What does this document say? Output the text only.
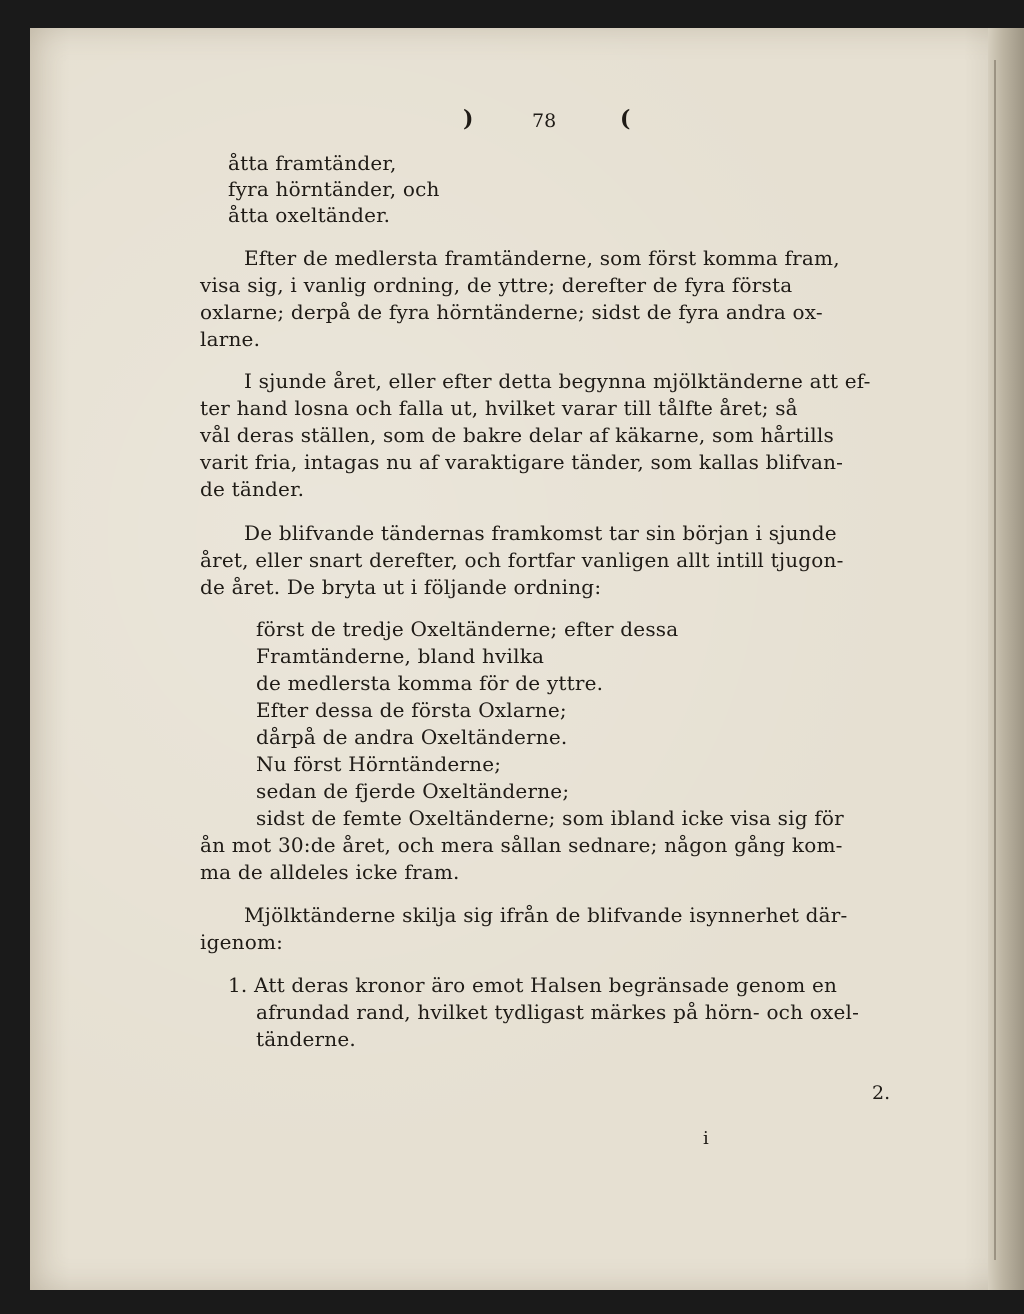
)	78	(
åtta framtänder,
fyra hörntänder, och
åtta oxeltänder.
Efter de medlersta framtänderne, som först komma fram,
visa sig, i vanlig ordning, de yttre; derefter de fyra första
oxlarne; derpå de fyra hörntänderne; sidst de fyra andra ox-
larne.
I sjunde året, eller efter detta begynna mjölktänderne att ef-
ter hand losna och falla ut, hvilket varar till tålfte året; så
vål deras ställen, som de bakre delar af käkarne, som hårtills
varit fria, intagas nu af varaktigare tänder, som kallas blifvan-
de tänder.
De blifvande tändernas framkomst tar sin början i sjunde
året, eller snart derefter, och fortfar vanligen allt intill tjugon-
de året. De bryta ut i följande ordning:
först de tredje Oxeltänderne; efter dessa
Framtänderne, bland hvilka
de medlersta komma för de yttre.
Efter dessa de första Oxlarne;
dårpå de andra Oxeltänderne.
Nu först Hörntänderne;
sedan de fjerde Oxeltänderne;
sidst de femte Oxeltänderne; som ibland icke visa sig för
ån mot 30:de året, och mera sållan sednare; någon gång kom-
ma de alldeles icke fram.
Mjölktänderne skilja sig ifrån de blifvande isynnerhet där-
igenom:
1. Att deras kronor äro emot Halsen begränsade genom en
afrundad rand, hvilket tydligast märkes på hörn- och oxel-
tänderne.
2.
i
